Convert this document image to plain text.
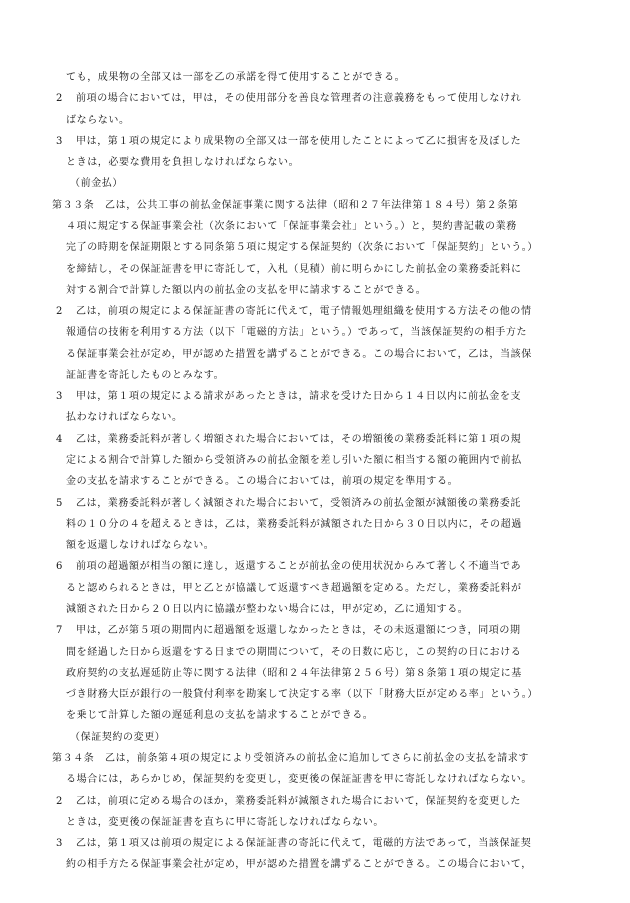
ても，成果物の全部又は一部を乙の承諾を得て使用することができる。
2 前項の場合においては，甲は，その使用部分を善良な管理者の注意義務をもって使用しなけれ
ばならない。
3 甲は，第１項の規定により成果物の全部又は一部を使用したことによって乙に損害を及ぼした
ときは，必要な費用を負担しなければならない。
（前金払）
第３３条　乙は，公共工事の前払金保証事業に関する法律（昭和２７年法律第１８４号）第２条第
４項に規定する保証事業会社（次条において「保証事業会社」という。）と，契約書記載の業務
完了の時期を保証期限とする同条第５項に規定する保証契約（次条において「保証契約」という。）
を締結し，その保証証書を甲に寄託して，入札（見積）前に明らかにした前払金の業務委託料に
対する割合で計算した額以内の前払金の支払を甲に請求することができる。
2 乙は，前項の規定による保証証書の寄託に代えて，電子情報処理組織を使用する方法その他の情
報通信の技術を利用する方法（以下「電磁的方法」という。）であって，当該保証契約の相手方た
る保証事業会社が定め，甲が認めた措置を講ずることができる。この場合において，乙は，当該保
証証書を寄託したものとみなす。
3 甲は，第１項の規定による請求があったときは，請求を受けた日から１４日以内に前払金を支
払わなければならない。
4 乙は，業務委託料が著しく増額された場合においては，その増額後の業務委託料に第１項の規
定による割合で計算した額から受領済みの前払金額を差し引いた額に相当する額の範囲内で前払
金の支払を請求することができる。この場合においては，前項の規定を準用する。
5 乙は，業務委託料が著しく減額された場合において，受領済みの前払金額が減額後の業務委託
料の１０分の４を超えるときは，乙は，業務委託料が減額された日から３０日以内に，その超過
額を返還しなければならない。
6 前項の超過額が相当の額に達し，返還することが前払金の使用状況からみて著しく不適当であ
ると認められるときは，甲と乙とが協議して返還すべき超過額を定める。ただし，業務委託料が
減額された日から２０日以内に協議が整わない場合には，甲が定め，乙に通知する。
7 甲は，乙が第５項の期間内に超過額を返還しなかったときは，その未返還額につき，同項の期
間を経過した日から返還をする日までの期間について，その日数に応じ，この契約の日における
政府契約の支払遅延防止等に関する法律（昭和２４年法律第２５６号）第８条第１項の規定に基
づき財務大臣が銀行の一般貸付利率を勘案して決定する率（以下「財務大臣が定める率」という。）
を乗じて計算した額の遅延利息の支払を請求することができる。
（保証契約の変更）
第３４条　乙は，前条第４項の規定により受領済みの前払金に追加してさらに前払金の支払を請求す
る場合には，あらかじめ，保証契約を変更し，変更後の保証証書を甲に寄託しなければならない。
2 乙は，前項に定める場合のほか，業務委託料が減額された場合において，保証契約を変更した
ときは，変更後の保証証書を直ちに甲に寄託しなければならない。
3 乙は，第１項又は前項の規定による保証証書の寄託に代えて，電磁的方法であって，当該保証契
約の相手方たる保証事業会社が定め，甲が認めた措置を講ずることができる。この場合において，
